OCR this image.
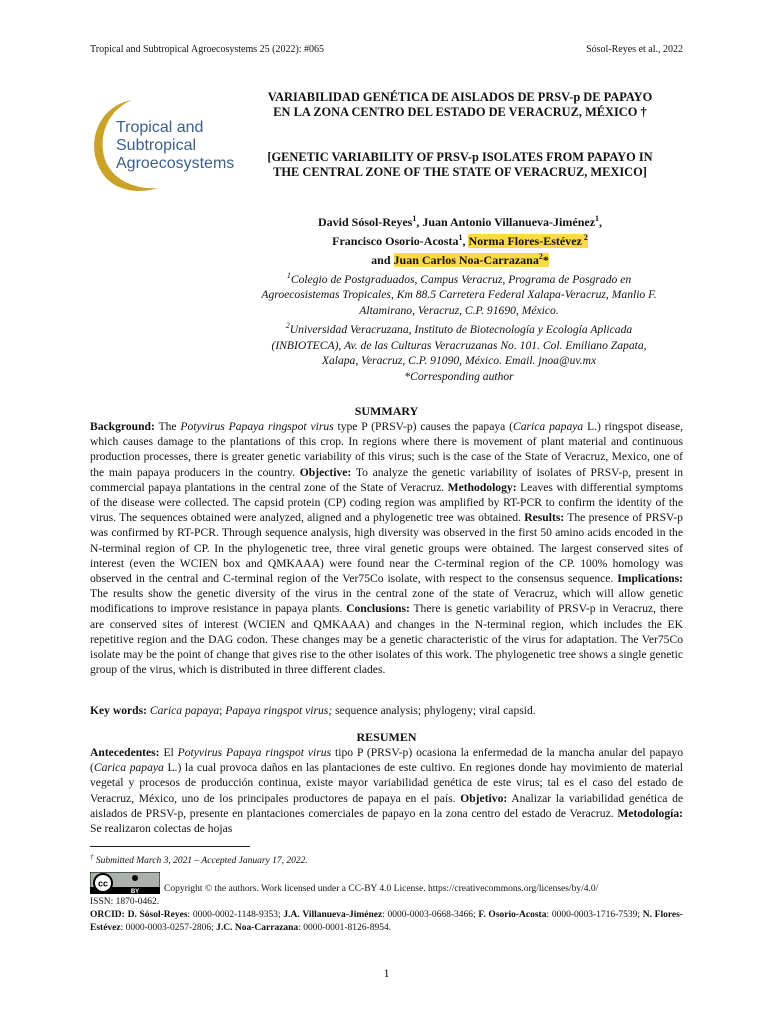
Tropical and Subtropical Agroecosystems 25 (2022): #065	Sósol-Reyes et al., 2022
Tropical and
Subtropical
Agroecosystems
VARIABILIDAD GENÉTICA DE AISLADOS DE PRSV-p DE PAPAYO EN LA ZONA CENTRO DEL ESTADO DE VERACRUZ, MÉXICO †
[GENETIC VARIABILITY OF PRSV-p ISOLATES FROM PAPAYO IN THE CENTRAL ZONE OF THE STATE OF VERACRUZ, MEXICO]
David Sósol-Reyes$^1$, Juan Antonio Villanueva-Jiménez$^1$,
Francisco Osorio-Acosta$^1$, Norma Flores-Estévez $^2$
and Juan Carlos Noa-Carrazana$^2$*
$^1$Colegio de Postgraduados, Campus Veracruz, Programa de Posgrado en Agroecosistemas Tropicales, Km 88.5 Carretera Federal Xalapa-Veracruz, Manlio F. Altamirano, Veracruz, C.P. 91690, México.
$^2$Universidad Veracruzana, Instituto de Biotecnología y Ecología Aplicada (INBIOTECA), Av. de las Culturas Veracruzanas No. 101. Col. Emiliano Zapata, Xalapa, Veracruz, C.P. 91090, México. Email. jnoa@uv.mx
*Corresponding author
SUMMARY
Background: The Potyvirus Papaya ringspot virus type P (PRSV-p) causes the papaya (Carica papaya L.) ringspot disease, which causes damage to the plantations of this crop. In regions where there is movement of plant material and continuous production processes, there is greater genetic variability of this virus; such is the case of the State of Veracruz, Mexico, one of the main papaya producers in the country. Objective: To analyze the genetic variability of isolates of PRSV-p, present in commercial papaya plantations in the central zone of the State of Veracruz. Methodology: Leaves with differential symptoms of the disease were collected. The capsid protein (CP) coding region was amplified by RT-PCR to confirm the identity of the virus. The sequences obtained were analyzed, aligned and a phylogenetic tree was obtained. Results: The presence of PRSV-p was confirmed by RT-PCR. Through sequence analysis, high diversity was observed in the first 50 amino acids encoded in the N-terminal region of CP. In the phylogenetic tree, three viral genetic groups were obtained. The largest conserved sites of interest (even the WCIEN box and QMKAAA) were found near the C-terminal region of the CP. 100% homology was observed in the central and C-terminal region of the Ver75Co isolate, with respect to the consensus sequence. Implications: The results show the genetic diversity of the virus in the central zone of the state of Veracruz, which will allow genetic modifications to improve resistance in papaya plants. Conclusions: There is genetic variability of PRSV-p in Veracruz, there are conserved sites of interest (WCIEN and QMKAAA) and changes in the N-terminal region, which includes the EK repetitive region and the DAG codon. These changes may be a genetic characteristic of the virus for adaptation. The Ver75Co isolate may be the point of change that gives rise to the other isolates of this work. The phylogenetic tree shows a single genetic group of the virus, which is distributed in three different clades.
Key words: Carica papaya; Papaya ringspot virus; sequence analysis; phylogeny; viral capsid.
RESUMEN
Antecedentes: El Potyvirus Papaya ringspot virus tipo P (PRSV-p) ocasiona la enfermedad de la mancha anular del papayo (Carica papaya L.) la cual provoca daños en las plantaciones de este cultivo. En regiones donde hay movimiento de material vegetal y procesos de producción continua, existe mayor variabilidad genética de este virus; tal es el caso del estado de Veracruz, México, uno de los principales productores de papaya en el país. Objetivo: Analizar la variabilidad genética de aislados de PRSV-p, presente en plantaciones comerciales de papayo en la zona centro del estado de Veracruz. Metodología: Se realizaron colectas de hojas
† Submitted March 3, 2021 – Accepted January 17, 2022.
cc
BY	Copyright © the authors. Work licensed under a CC-BY 4.0 License. https://creativecommons.org/licenses/by/4.0/
ISSN: 1870-0462.
ORCID: D. Sósol-Reyes: 0000-0002-1148-9353; J.A. Villanueva-Jiménez: 0000-0003-0668-3466; F. Osorio-Acosta: 0000-0003-1716-7539; N. Flores-Estévez: 0000-0003-0257-2806; J.C. Noa-Carrazana: 0000-0001-8126-8954.
1
